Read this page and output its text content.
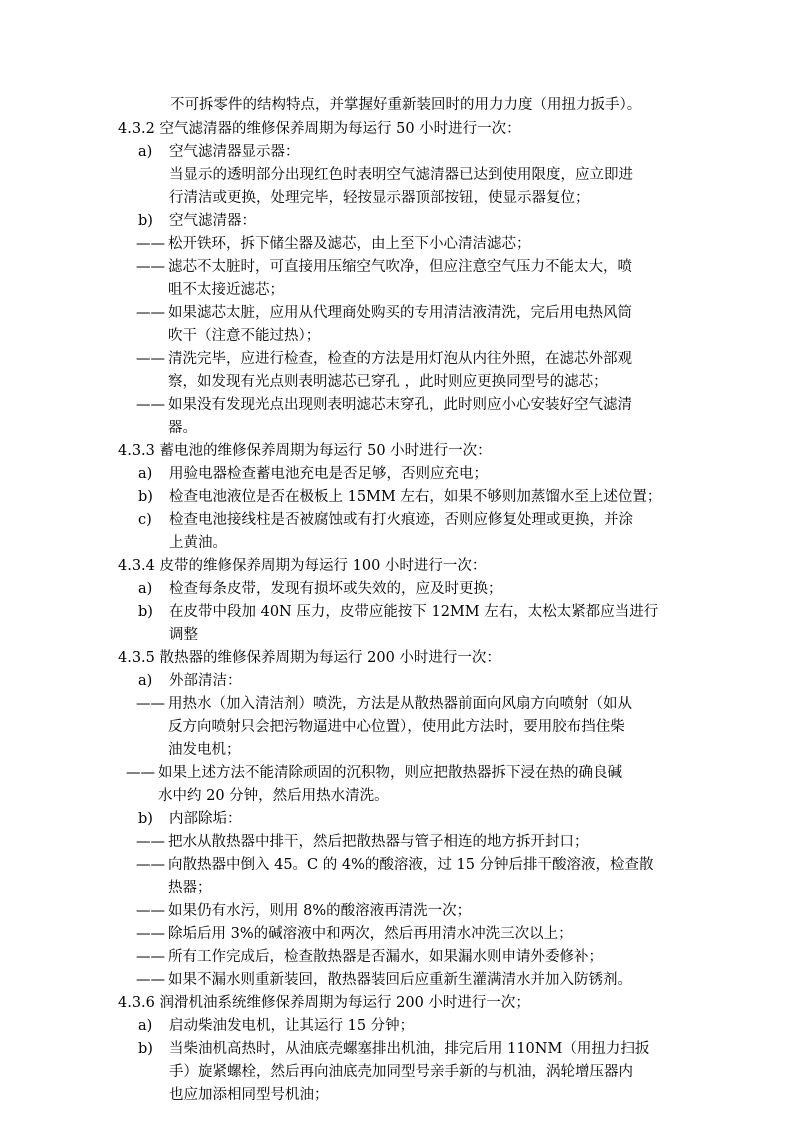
不可拆零件的结构特点，并掌握好重新装回时的用力力度（用扭力扳手）。
4.3.2 空气滤清器的维修保养周期为每运行 50 小时进行一次：
a) 空气滤清器显示器：
当显示的透明部分出现红色时表明空气滤清器已达到使用限度，应立即进
行清洁或更换，处理完毕，轻按显示器顶部按钮，使显示器复位；
b) 空气滤清器：
—— 松开铁环，拆下储尘器及滤芯，由上至下小心清洁滤芯；
—— 滤芯不太脏时，可直接用压缩空气吹净，但应注意空气压力不能太大，喷
咀不太接近滤芯；
—— 如果滤芯太脏，应用从代理商处购买的专用清洁液清洗，完后用电热风筒
吹干（注意不能过热）；
—— 清洗完毕，应进行检查，检查的方法是用灯泡从内往外照，在滤芯外部观
察，如发现有光点则表明滤芯已穿孔 ，此时则应更换同型号的滤芯；
—— 如果没有发现光点出现则表明滤芯末穿孔，此时则应小心安装好空气滤清
器。
4.3.3 蓄电池的维修保养周期为每运行 50 小时进行一次：
a) 用验电器检查蓄电池充电是否足够，否则应充电；
b) 检查电池液位是否在极板上 15MM 左右，如果不够则加蒸馏水至上述位置；
c) 检查电池接线柱是否被腐蚀或有打火痕迹，否则应修复处理或更换，并涂
上黄油。
4.3.4 皮带的维修保养周期为每运行 100 小时进行一次：
a) 检查每条皮带，发现有损坏或失效的，应及时更换；
b) 在皮带中段加 40N 压力，皮带应能按下 12MM 左右，太松太紧都应当进行
调整
4.3.5 散热器的维修保养周期为每运行 200 小时进行一次：
a) 外部清洁：
—— 用热水（加入清洁剂）喷洗，方法是从散热器前面向风扇方向喷射（如从
反方向喷射只会把污物逼进中心位置），使用此方法时，要用胶布挡住柴
油发电机；
—— 如果上述方法不能清除顽固的沉积物，则应把散热器拆下浸在热的确良碱
水中约 20 分钟，然后用热水清洗。
b) 内部除垢：
—— 把水从散热器中排干，然后把散热器与管子相连的地方拆开封口；
—— 向散热器中倒入 45。C 的 4%的酸溶液，过 15 分钟后排干酸溶液，检查散
热器；
—— 如果仍有水污，则用 8%的酸溶液再清洗一次；
—— 除垢后用 3%的碱溶液中和两次，然后再用清水冲洗三次以上；
—— 所有工作完成后，检查散热器是否漏水，如果漏水则申请外委修补；
—— 如果不漏水则重新装回，散热器装回后应重新生灌满清水并加入防锈剂。
4.3.6 润滑机油系统维修保养周期为每运行 200 小时进行一次；
a) 启动柴油发电机，让其运行 15 分钟；
b) 当柴油机高热时，从油底壳螺塞排出机油，排完后用 110NM（用扭力扫扳
手）旋紧螺栓，然后再向油底壳加同型号亲手新的与机油，涡轮增压器内
也应加添相同型号机油；
